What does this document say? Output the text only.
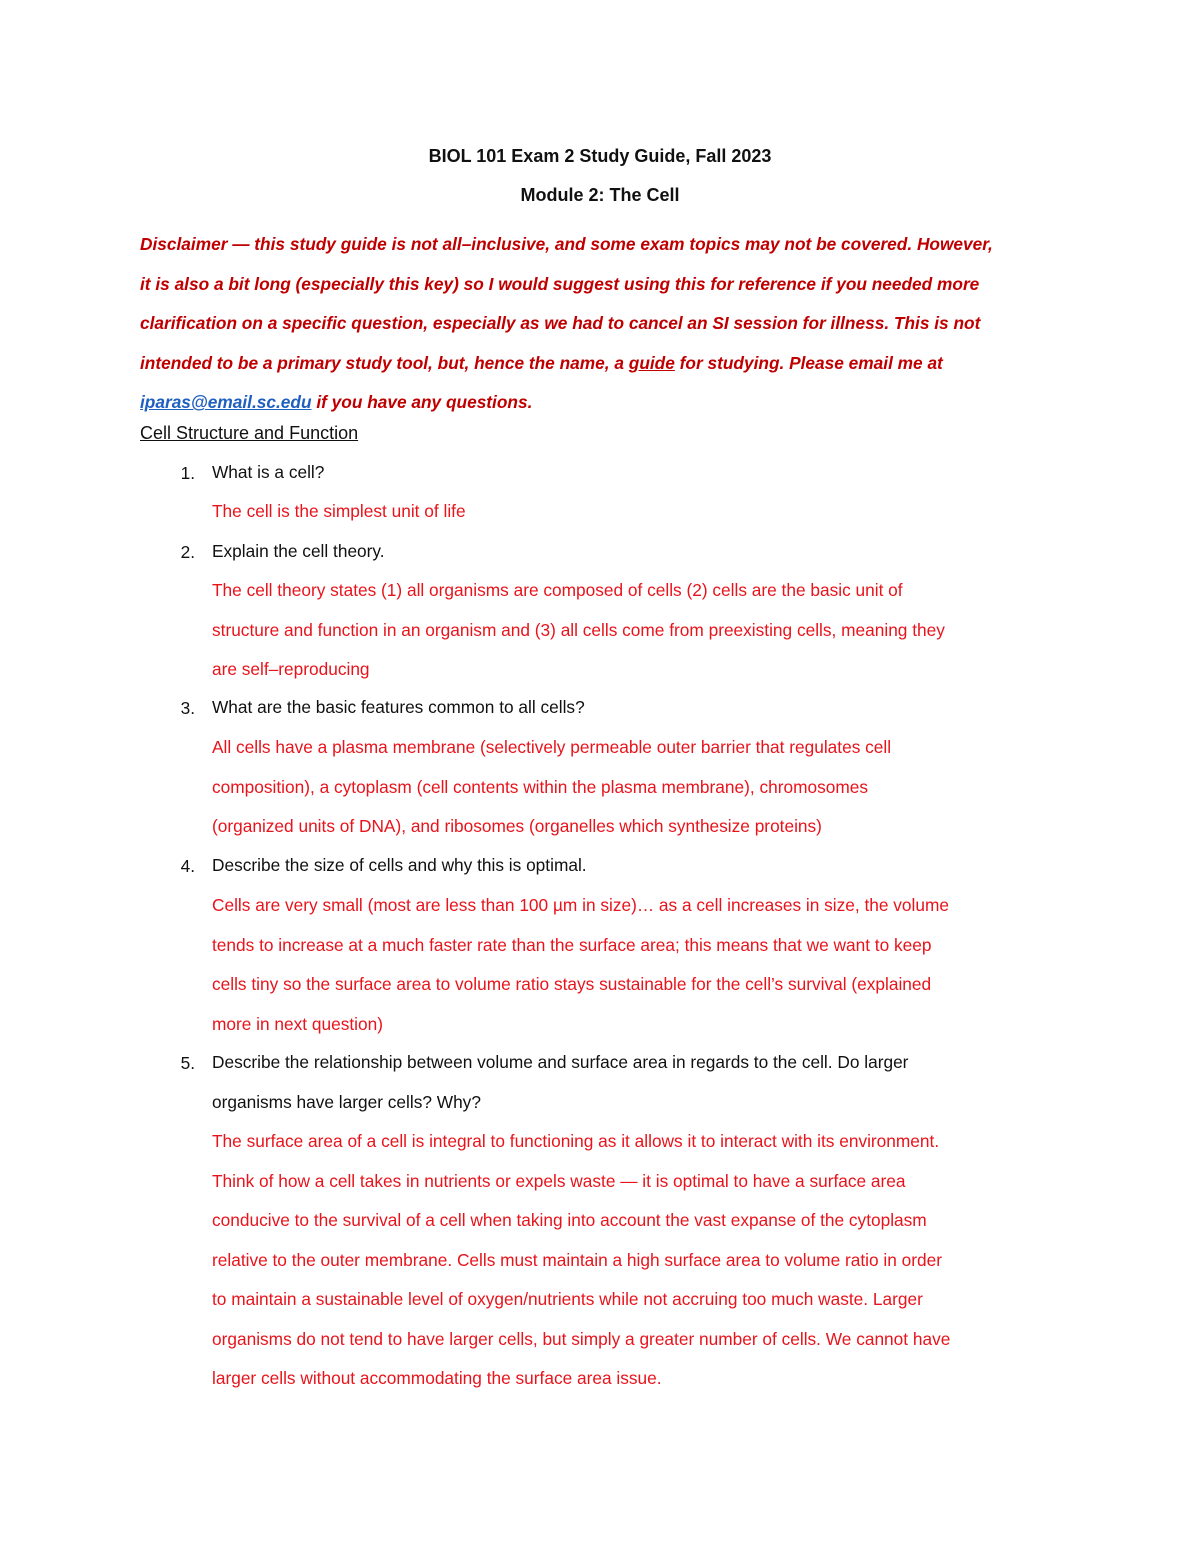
BIOL 101 Exam 2 Study Guide, Fall 2023
Module 2: The Cell
Disclaimer — this study guide is not all–inclusive, and some exam topics may not be covered. However,
it is also a bit long (especially this key) so I would suggest using this for reference if you needed more
clarification on a specific question, especially as we had to cancel an SI session for illness. This is not
intended to be a primary study tool, but, hence the name, a guide for studying. Please email me at
iparas@email.sc.edu if you have any questions.
Cell Structure and Function
1. What is a cell?
The cell is the simplest unit of life
2. Explain the cell theory.
The cell theory states (1) all organisms are composed of cells (2) cells are the basic unit of
structure and function in an organism and (3) all cells come from preexisting cells, meaning they
are self–reproducing
3. What are the basic features common to all cells?
All cells have a plasma membrane (selectively permeable outer barrier that regulates cell
composition), a cytoplasm (cell contents within the plasma membrane), chromosomes
(organized units of DNA), and ribosomes (organelles which synthesize proteins)
4. Describe the size of cells and why this is optimal.
Cells are very small (most are less than 100 µm in size)… as a cell increases in size, the volume
tends to increase at a much faster rate than the surface area; this means that we want to keep
cells tiny so the surface area to volume ratio stays sustainable for the cell’s survival (explained
more in next question)
5. Describe the relationship between volume and surface area in regards to the cell. Do larger
organisms have larger cells? Why?
The surface area of a cell is integral to functioning as it allows it to interact with its environment.
Think of how a cell takes in nutrients or expels waste — it is optimal to have a surface area
conducive to the survival of a cell when taking into account the vast expanse of the cytoplasm
relative to the outer membrane. Cells must maintain a high surface area to volume ratio in order
to maintain a sustainable level of oxygen/nutrients while not accruing too much waste. Larger
organisms do not tend to have larger cells, but simply a greater number of cells. We cannot have
larger cells without accommodating the surface area issue.
